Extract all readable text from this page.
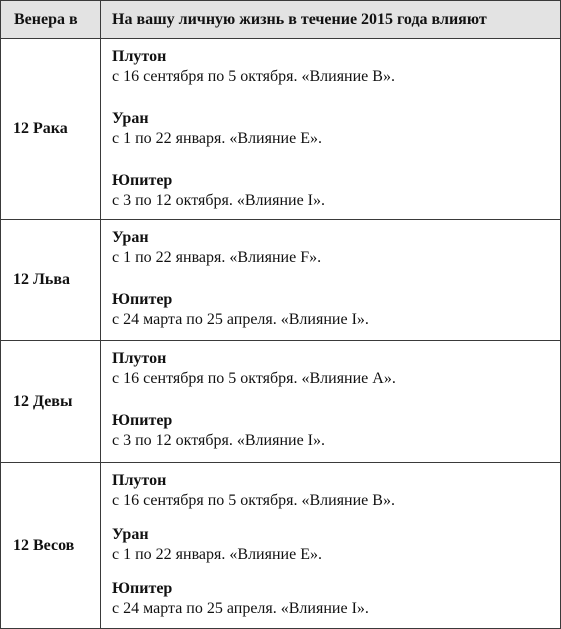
Венера в	На вашу личную жизнь в течение 2015 года влияют
12 Рака
Плутон
с 16 сентября по 5 октября. «Влияние В».
Уран
с 1 по 22 января. «Влияние Е».
Юпитер
с 3 по 12 октября. «Влияние I».
12 Льва
Уран
с 1 по 22 января. «Влияние F».
Юпитер
с 24 марта по 25 апреля. «Влияние I».
12 Девы
Плутон
с 16 сентября по 5 октября. «Влияние А».
Юпитер
с 3 по 12 октября. «Влияние I».
12 Весов
Плутон
с 16 сентября по 5 октября. «Влияние В».
Уран
с 1 по 22 января. «Влияние Е».
Юпитер
с 24 марта по 25 апреля. «Влияние I».
